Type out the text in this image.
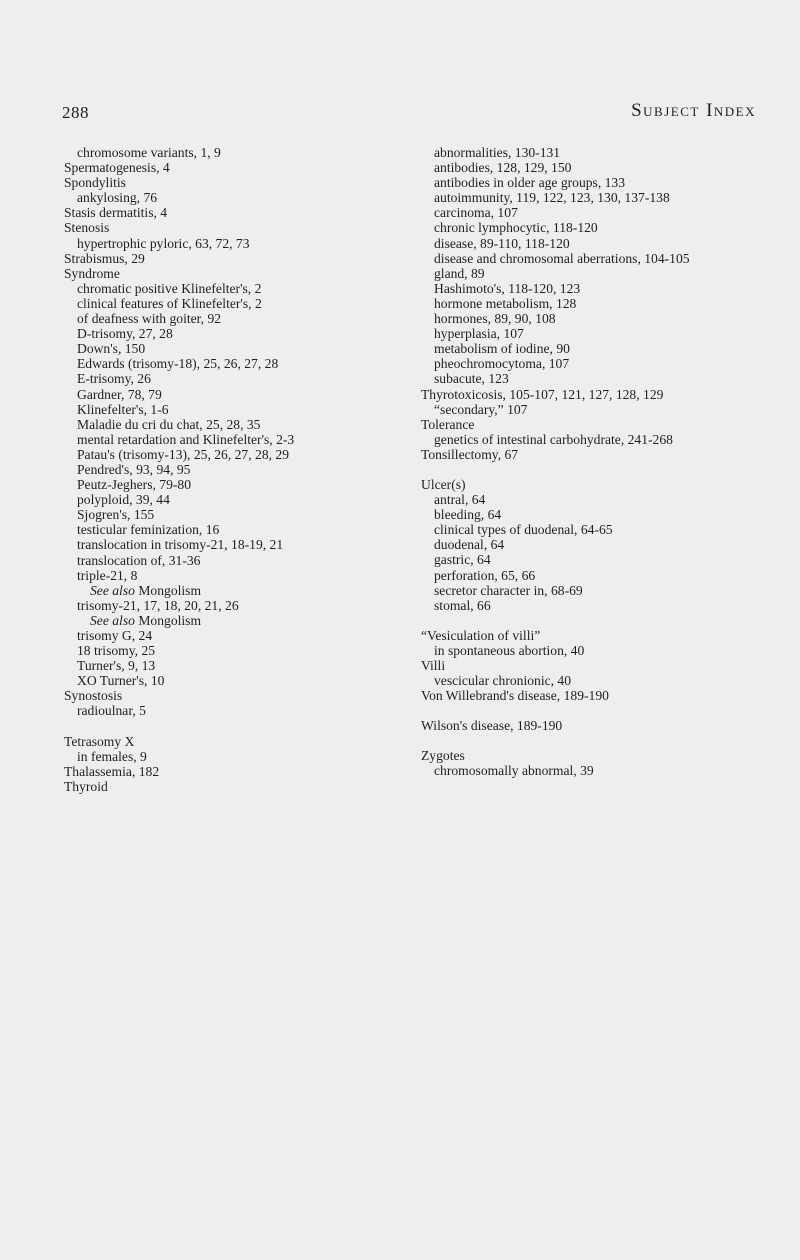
288	Subject Index
chromosome variants, 1, 9
Spermatogenesis, 4
Spondylitis
ankylosing, 76
Stasis dermatitis, 4
Stenosis
hypertrophic pyloric, 63, 72, 73
Strabismus, 29
Syndrome
chromatic positive Klinefelter's, 2
clinical features of Klinefelter's, 2
of deafness with goiter, 92
D-trisomy, 27, 28
Down's, 150
Edwards (trisomy-18), 25, 26, 27, 28
E-trisomy, 26
Gardner, 78, 79
Klinefelter's, 1-6
Maladie du cri du chat, 25, 28, 35
mental retardation and Klinefelter's, 2-3
Patau's (trisomy-13), 25, 26, 27, 28, 29
Pendred's, 93, 94, 95
Peutz-Jeghers, 79-80
polyploid, 39, 44
Sjogren's, 155
testicular feminization, 16
translocation in trisomy-21, 18-19, 21
translocation of, 31-36
triple-21, 8
See also Mongolism
trisomy-21, 17, 18, 20, 21, 26
See also Mongolism
trisomy G, 24
18 trisomy, 25
Turner's, 9, 13
XO Turner's, 10
Synostosis
radioulnar, 5
Tetrasomy X
in females, 9
Thalassemia, 182
Thyroid
abnormalities, 130-131
antibodies, 128, 129, 150
antibodies in older age groups, 133
autoimmunity, 119, 122, 123, 130, 137-138
carcinoma, 107
chronic lymphocytic, 118-120
disease, 89-110, 118-120
disease and chromosomal aberrations, 104-105
gland, 89
Hashimoto's, 118-120, 123
hormone metabolism, 128
hormones, 89, 90, 108
hyperplasia, 107
metabolism of iodine, 90
pheochromocytoma, 107
subacute, 123
Thyrotoxicosis, 105-107, 121, 127, 128, 129
“secondary,” 107
Tolerance
genetics of intestinal carbohydrate, 241-268
Tonsillectomy, 67
Ulcer(s)
antral, 64
bleeding, 64
clinical types of duodenal, 64-65
duodenal, 64
gastric, 64
perforation, 65, 66
secretor character in, 68-69
stomal, 66
“Vesiculation of villi”
in spontaneous abortion, 40
Villi
vescicular chronionic, 40
Von Willebrand's disease, 189-190
Wilson's disease, 189-190
Zygotes
chromosomally abnormal, 39
